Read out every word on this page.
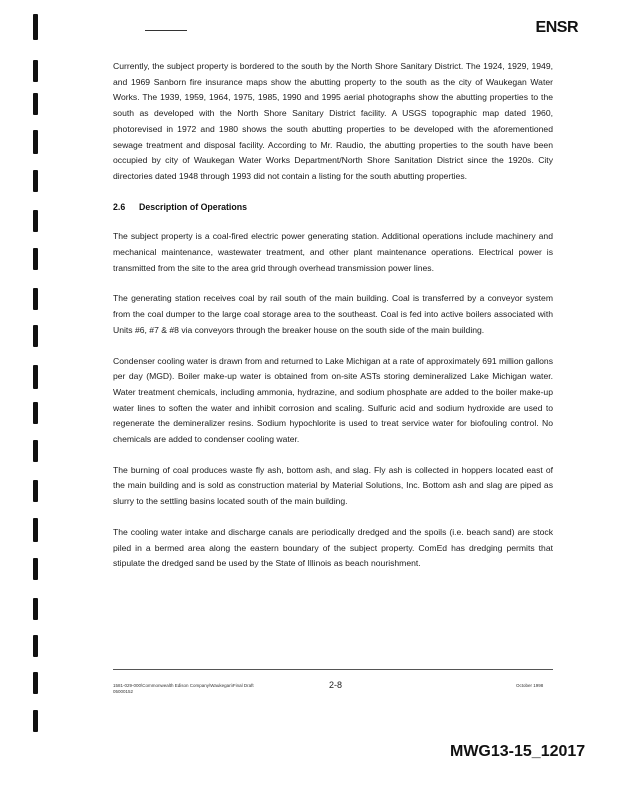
ENSR

Currently, the subject property is bordered to the south by the North Shore Sanitary District. The 1924, 1929, 1949, and 1969 Sanborn fire insurance maps show the abutting property to the south as the city of Waukegan Water Works. The 1939, 1959, 1964, 1975, 1985, 1990 and 1995 aerial photographs show the abutting properties to the south as developed with the North Shore Sanitary District facility. A USGS topographic map dated 1960, photorevised in 1972 and 1980 shows the south abutting properties to be developed with the aforementioned sewage treatment and disposal facility. According to Mr. Raudio, the abutting properties to the south have been occupied by city of Waukegan Water Works Department/North Shore Sanitation District since the 1920s. City directories dated 1948 through 1993 did not contain a listing for the south abutting properties.

2.6 Description of Operations

The subject property is a coal-fired electric power generating station. Additional operations include machinery and mechanical maintenance, wastewater treatment, and other plant maintenance operations. Electrical power is transmitted from the site to the area grid through overhead transmission power lines.

The generating station receives coal by rail south of the main building. Coal is transferred by a conveyor system from the coal dumper to the large coal storage area to the southeast. Coal is fed into active boilers associated with Units #6, #7 & #8 via conveyors through the breaker house on the south side of the main building.

Condenser cooling water is drawn from and returned to Lake Michigan at a rate of approximately 691 million gallons per day (MGD). Boiler make-up water is obtained from on-site ASTs storing demineralized Lake Michigan water. Water treatment chemicals, including ammonia, hydrazine, and sodium phosphate are added to the boiler make-up water lines to soften the water and inhibit corrosion and scaling. Sulfuric acid and sodium hydroxide are used to regenerate the demineralizer resins. Sodium hypochlorite is used to treat service water for biofouling control. No chemicals are added to condenser cooling water.

The burning of coal produces waste fly ash, bottom ash, and slag. Fly ash is collected in hoppers located east of the main building and is sold as construction material by Material Solutions, Inc. Bottom ash and slag are piped as slurry to the settling basins located south of the main building.

The cooling water intake and discharge canals are periodically dredged and the spoils (i.e. beach sand) are stock piled in a bermed area along the eastern boundary of the subject property. ComEd has dredging permits that stipulate the dredged sand be used by the State of Illinois as beach nourishment.

1581-029-000\Commonwealth Edison Company\Waukegan\Final Draft
05000152
2-8	October 1998
MWG13-15_12017
